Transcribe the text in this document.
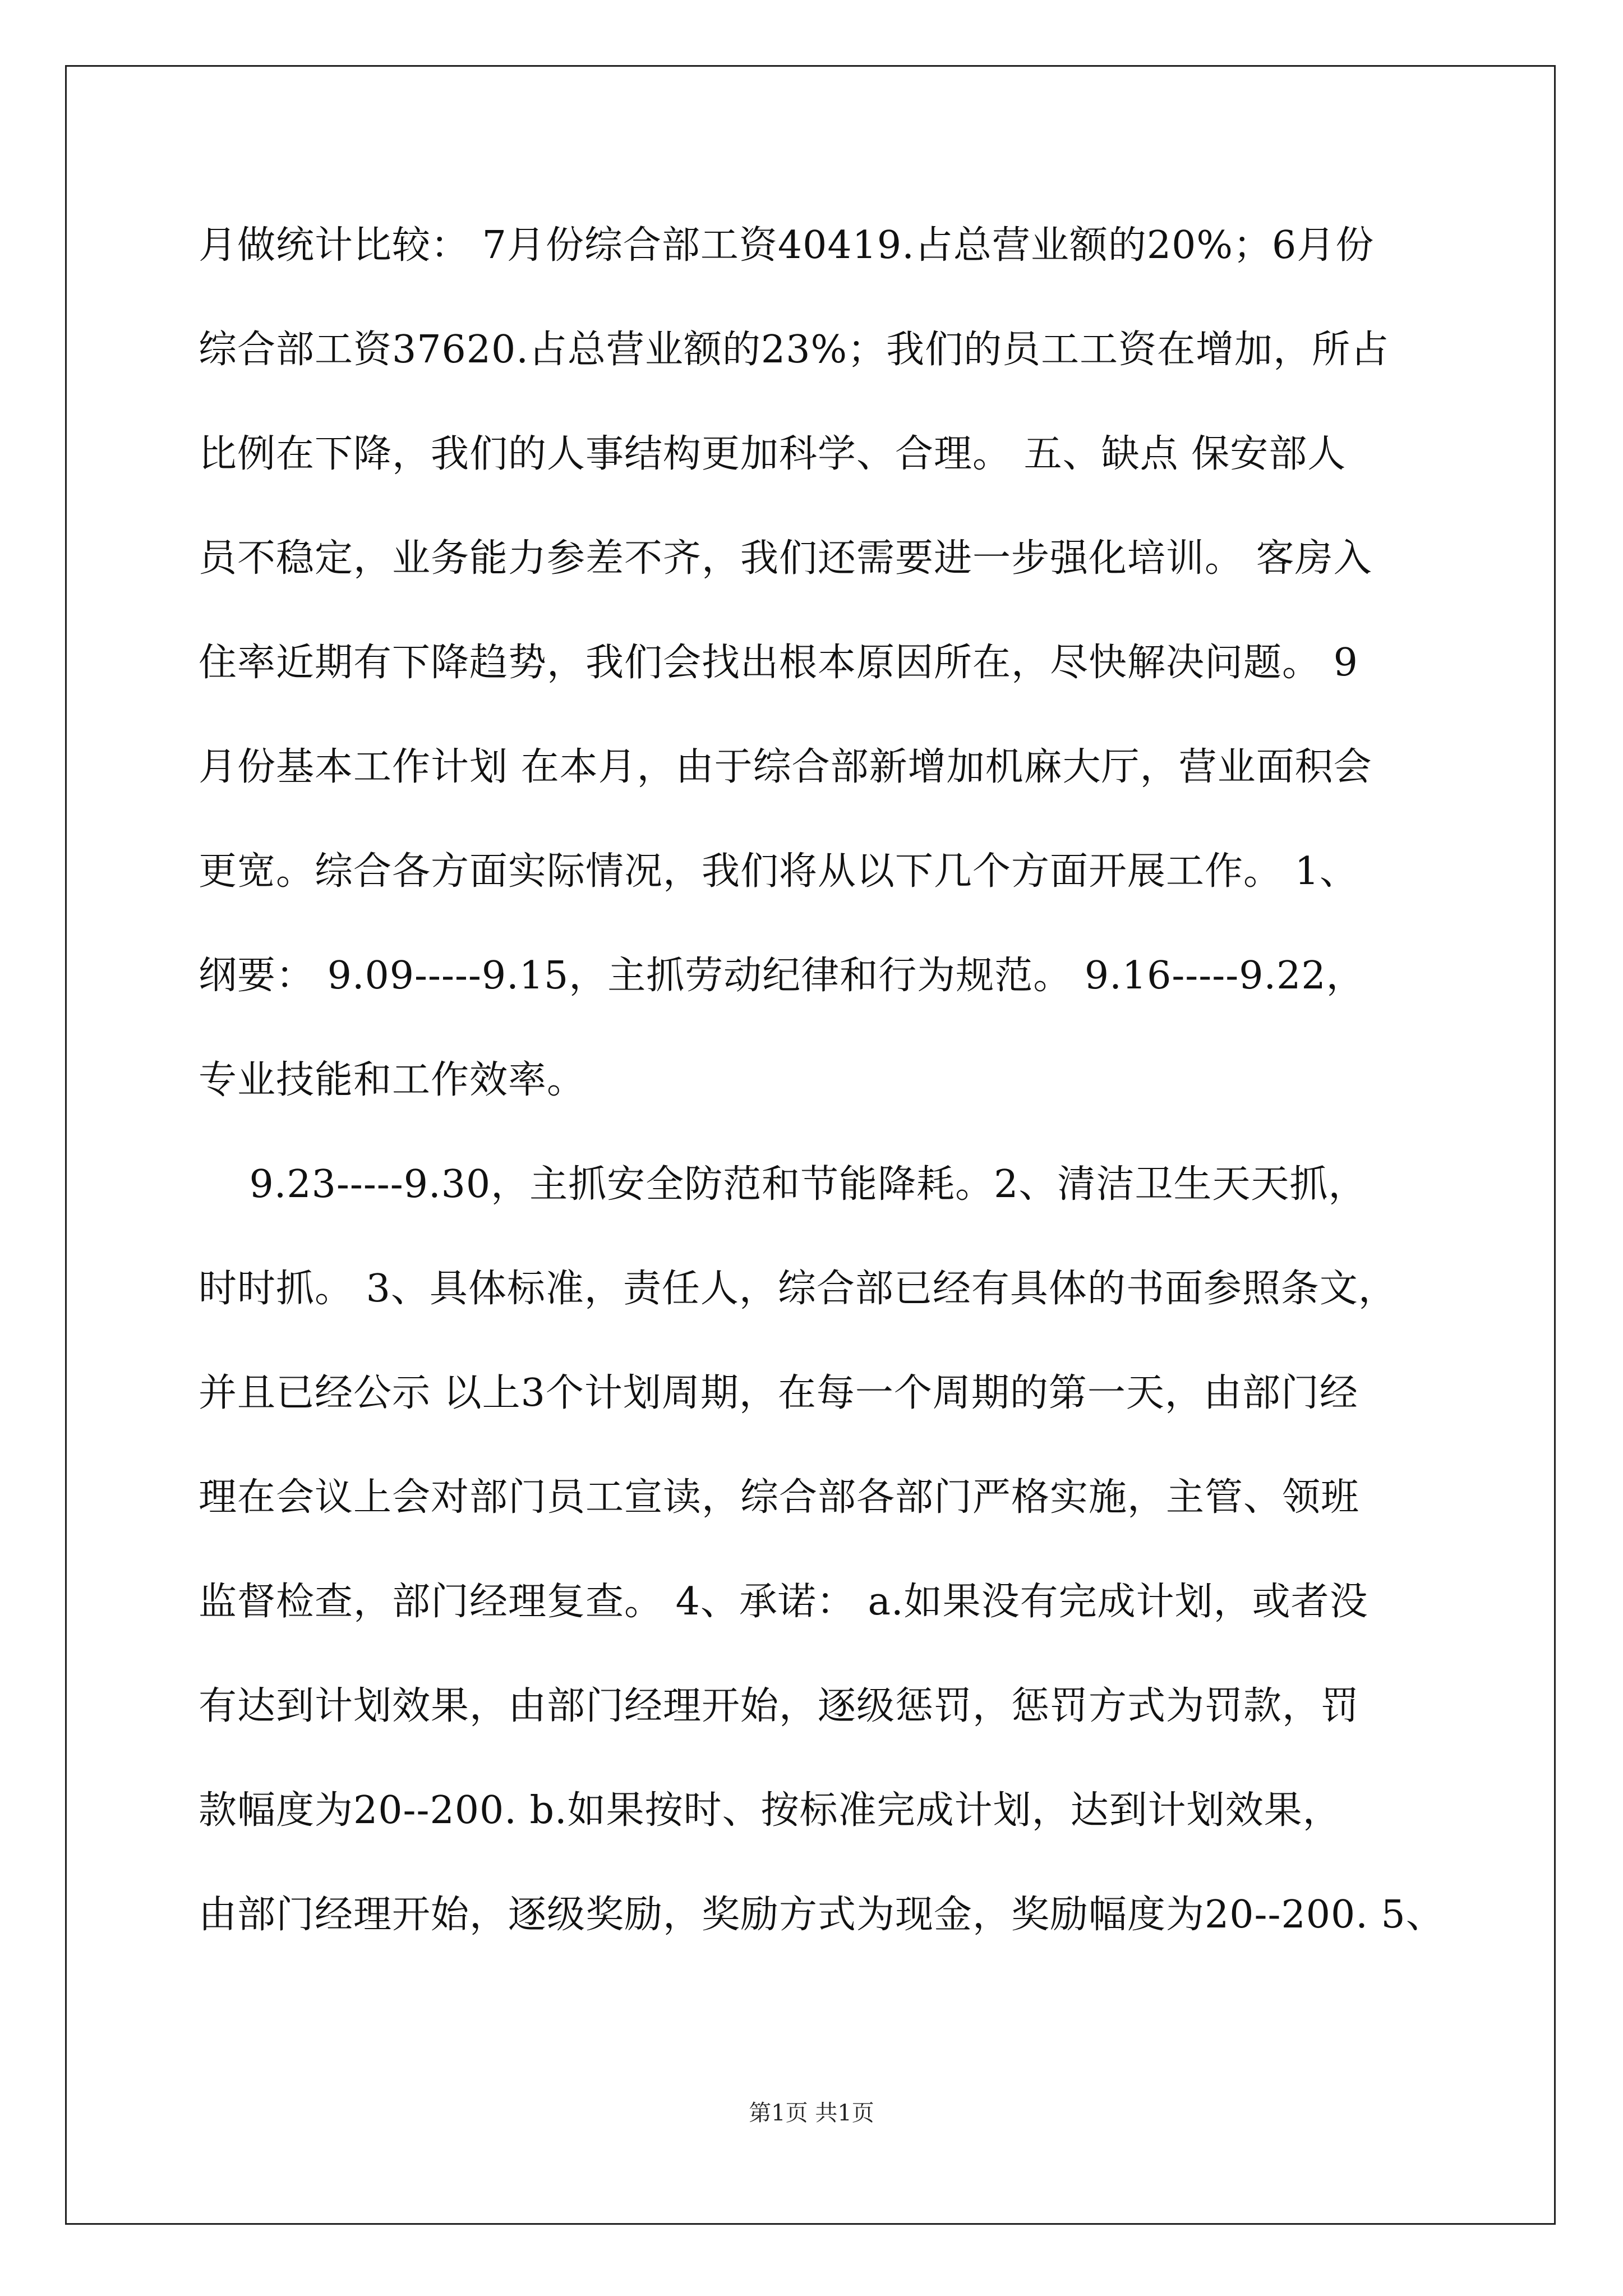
月做统计比较： 7月份综合部工资40419.占总营业额的20%；6月份
综合部工资37620.占总营业额的23%；我们的员工工资在增加，所占
比例在下降，我们的人事结构更加科学、合理。 五、缺点 保安部人
员不稳定，业务能力参差不齐，我们还需要进一步强化培训。 客房入
住率近期有下降趋势，我们会找出根本原因所在，尽快解决问题。 9
月份基本工作计划 在本月，由于综合部新增加机麻大厅，营业面积会
更宽。综合各方面实际情况，我们将从以下几个方面开展工作。 1、
纲要： 9.09-----9.15，主抓劳动纪律和行为规范。 9.16-----9.22，
专业技能和工作效率。
9.23-----9.30，主抓安全防范和节能降耗。2、清洁卫生天天抓，
时时抓。 3、具体标准，责任人，综合部已经有具体的书面参照条文，
并且已经公示 以上3个计划周期，在每一个周期的第一天，由部门经
理在会议上会对部门员工宣读，综合部各部门严格实施，主管、领班
监督检查，部门经理复查。 4、承诺： a.如果没有完成计划，或者没
有达到计划效果，由部门经理开始，逐级惩罚，惩罚方式为罚款，罚
款幅度为20--200. b.如果按时、按标准完成计划，达到计划效果，
由部门经理开始，逐级奖励，奖励方式为现金，奖励幅度为20--200. 5、
第1页 共1页
